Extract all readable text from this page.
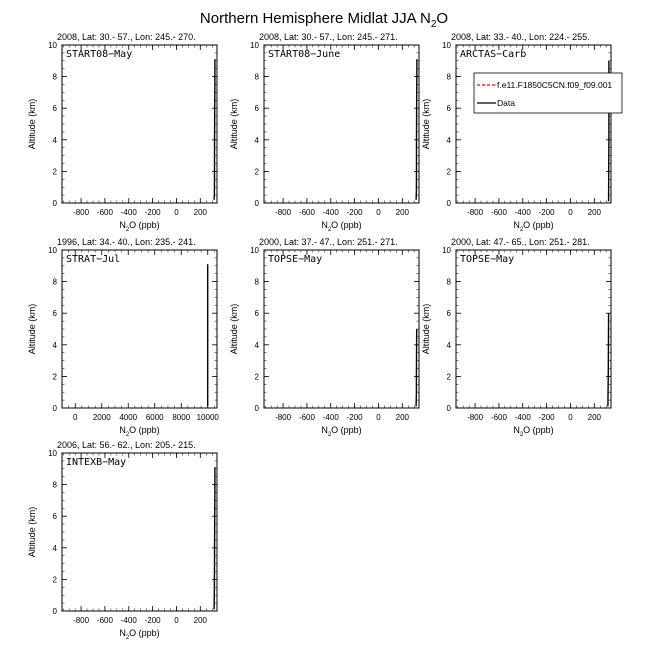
Northern Hemisphere Midlat JJA $N_2O$
2008, Lat: 30.- 57., Lon: 245.- 270.
START08−May
0
2
4
6
8
10
-800 -600 -400 -200 0 200
$N_2O$ (ppb)
Altitude (km)
2008, Lat: 30.- 57., Lon: 245.- 271.
START08−June
0
2
4
6
8
10
-800 -600 -400 -200 0 200
$N_2O$ (ppb)
Altitude (km)
2008, Lat: 33.- 40., Lon: 224.- 255.
ARCTAS−Carb
0
2
4
6
8
10
-800 -600 -400 -200 0 200
$N_2O$ (ppb)
Altitude (km)
1996, Lat: 34.- 40., Lon: 235.- 241.
STRAT−Jul
0
2
4
6
8
10
0 2000 4000 6000 8000 10000
$N_2O$ (ppb)
Altitude (km)
2000, Lat: 37.- 47., Lon: 251.- 271.
TOPSE−May
0
2
4
6
8
10
-800 -600 -400 -200 0 200
$N_2O$ (ppb)
Altitude (km)
2000, Lat: 47.- 65., Lon: 251.- 281.
TOPSE−May
0
2
4
6
8
10
-800 -600 -400 -200 0 200
$N_2O$ (ppb)
Altitude (km)
2006, Lat: 56.- 62., Lon: 205.- 215.
INTEXB−May
0
2
4
6
8
10
-800 -600 -400 -200 0 200
$N_2O$ (ppb)
Altitude (km)
f.e11.F1850C5CN.f09_f09.001
Data
